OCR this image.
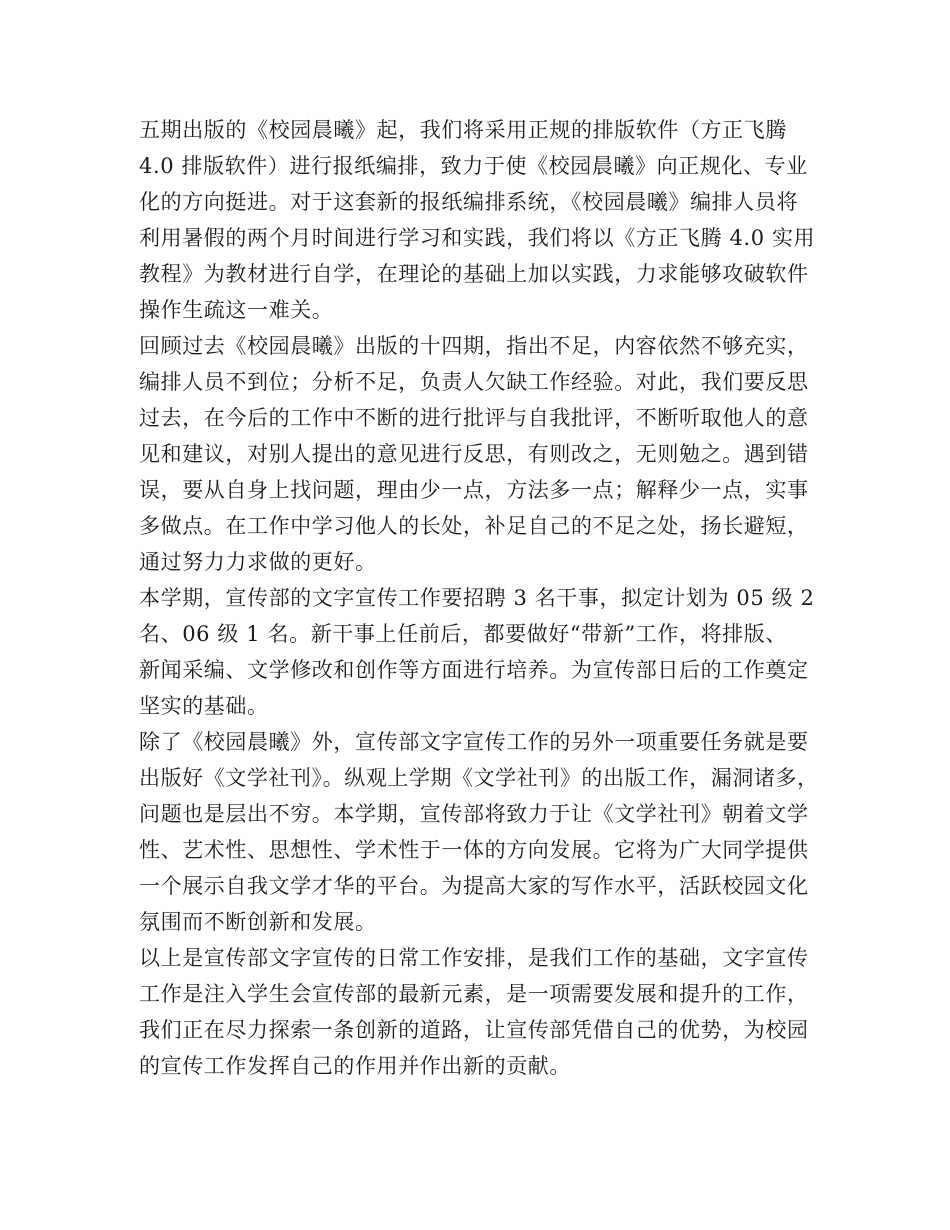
五期出版的《校园晨曦》起，我们将采用正规的排版软件（方正飞腾
4.0 排版软件）进行报纸编排，致力于使《校园晨曦》向正规化、专业
化的方向挺进。对于这套新的报纸编排系统，《校园晨曦》编排人员将
利用暑假的两个月时间进行学习和实践，我们将以《方正飞腾 4.0 实用
教程》为教材进行自学，在理论的基础上加以实践，力求能够攻破软件
操作生疏这一难关。
回顾过去《校园晨曦》出版的十四期，指出不足，内容依然不够充实，
编排人员不到位；分析不足，负责人欠缺工作经验。对此，我们要反思
过去，在今后的工作中不断的进行批评与自我批评，不断听取他人的意
见和建议，对别人提出的意见进行反思，有则改之，无则勉之。遇到错
误，要从自身上找问题，理由少一点，方法多一点；解释少一点，实事
多做点。在工作中学习他人的长处，补足自己的不足之处，扬长避短，
通过努力力求做的更好。
本学期，宣传部的文字宣传工作要招聘 3 名干事，拟定计划为 05 级 2
名、06 级 1 名。新干事上任前后，都要做好“带新”工作，将排版、
新闻采编、文学修改和创作等方面进行培养。为宣传部日后的工作奠定
坚实的基础。
除了《校园晨曦》外，宣传部文字宣传工作的另外一项重要任务就是要
出版好《文学社刊》。纵观上学期《文学社刊》的出版工作，漏洞诸多，
问题也是层出不穷。本学期，宣传部将致力于让《文学社刊》朝着文学
性、艺术性、思想性、学术性于一体的方向发展。它将为广大同学提供
一个展示自我文学才华的平台。为提高大家的写作水平，活跃校园文化
氛围而不断创新和发展。
以上是宣传部文字宣传的日常工作安排，是我们工作的基础，文字宣传
工作是注入学生会宣传部的最新元素，是一项需要发展和提升的工作，
我们正在尽力探索一条创新的道路，让宣传部凭借自己的优势，为校园
的宣传工作发挥自己的作用并作出新的贡献。
